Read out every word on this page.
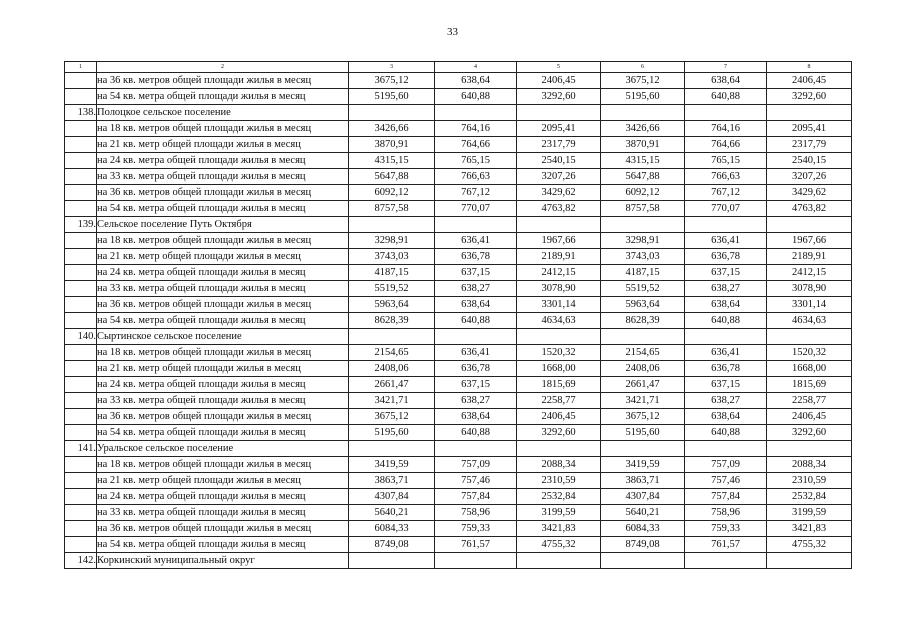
33
1	2	3	4	5	6	7	8
	на 36 кв. метров общей площади жилья в месяц	3675,12	638,64	2406,45	3675,12	638,64	2406,45
	на 54 кв. метра общей площади жилья в месяц	5195,60	640,88	3292,60	5195,60	640,88	3292,60
138.	Полоцкое сельское поселение						
	на 18 кв. метров общей площади жилья в месяц	3426,66	764,16	2095,41	3426,66	764,16	2095,41
	на 21 кв. метр общей площади жилья в месяц	3870,91	764,66	2317,79	3870,91	764,66	2317,79
	на 24 кв. метра общей площади жилья в месяц	4315,15	765,15	2540,15	4315,15	765,15	2540,15
	на 33 кв. метра общей площади жилья в месяц	5647,88	766,63	3207,26	5647,88	766,63	3207,26
	на 36 кв. метров общей площади жилья в месяц	6092,12	767,12	3429,62	6092,12	767,12	3429,62
	на 54 кв. метра общей площади жилья в месяц	8757,58	770,07	4763,82	8757,58	770,07	4763,82
139.	Сельское поселение Путь Октября						
	на 18 кв. метров общей площади жилья в месяц	3298,91	636,41	1967,66	3298,91	636,41	1967,66
	на 21 кв. метр общей площади жилья в месяц	3743,03	636,78	2189,91	3743,03	636,78	2189,91
	на 24 кв. метра общей площади жилья в месяц	4187,15	637,15	2412,15	4187,15	637,15	2412,15
	на 33 кв. метра общей площади жилья в месяц	5519,52	638,27	3078,90	5519,52	638,27	3078,90
	на 36 кв. метров общей площади жилья в месяц	5963,64	638,64	3301,14	5963,64	638,64	3301,14
	на 54 кв. метра общей площади жилья в месяц	8628,39	640,88	4634,63	8628,39	640,88	4634,63
140.	Сыртинское сельское поселение						
	на 18 кв. метров общей площади жилья в месяц	2154,65	636,41	1520,32	2154,65	636,41	1520,32
	на 21 кв. метр общей площади жилья в месяц	2408,06	636,78	1668,00	2408,06	636,78	1668,00
	на 24 кв. метра общей площади жилья в месяц	2661,47	637,15	1815,69	2661,47	637,15	1815,69
	на 33 кв. метра общей площади жилья в месяц	3421,71	638,27	2258,77	3421,71	638,27	2258,77
	на 36 кв. метров общей площади жилья в месяц	3675,12	638,64	2406,45	3675,12	638,64	2406,45
	на 54 кв. метра общей площади жилья в месяц	5195,60	640,88	3292,60	5195,60	640,88	3292,60
141.	Уральское сельское поселение						
	на 18 кв. метров общей площади жилья в месяц	3419,59	757,09	2088,34	3419,59	757,09	2088,34
	на 21 кв. метр общей площади жилья в месяц	3863,71	757,46	2310,59	3863,71	757,46	2310,59
	на 24 кв. метра общей площади жилья в месяц	4307,84	757,84	2532,84	4307,84	757,84	2532,84
	на 33 кв. метра общей площади жилья в месяц	5640,21	758,96	3199,59	5640,21	758,96	3199,59
	на 36 кв. метров общей площади жилья в месяц	6084,33	759,33	3421,83	6084,33	759,33	3421,83
	на 54 кв. метра общей площади жилья в месяц	8749,08	761,57	4755,32	8749,08	761,57	4755,32
142.	Коркинский муниципальный округ						
